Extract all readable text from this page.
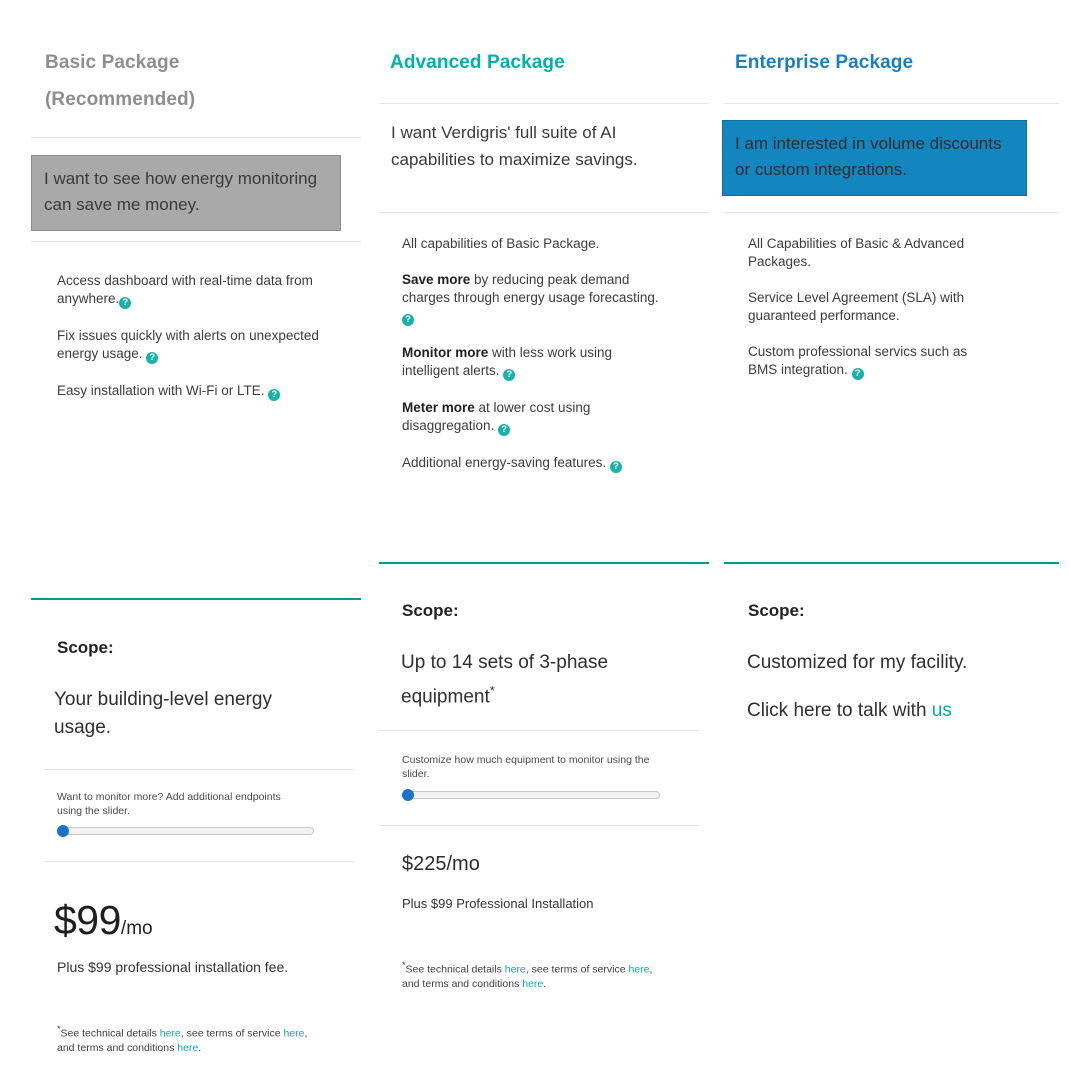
Basic Package
(Recommended)
I want to see how energy monitoring can save me money.
Access dashboard with real-time data from anywhere. ?
Fix issues quickly with alerts on unexpected energy usage. ?
Easy installation with Wi-Fi or LTE. ?
Scope:
Your building-level energy usage.
Want to monitor more? Add additional endpoints using the slider.
$99/mo
Plus $99 professional installation fee.
*See technical details here, see terms of service here, and terms and conditions here.
Advanced Package
I want Verdigris' full suite of AI capabilities to maximize savings.
All capabilities of Basic Package.
Save more by reducing peak demand charges through energy usage forecasting. ?
Monitor more with less work using intelligent alerts. ?
Meter more at lower cost using disaggregation. ?
Additional energy-saving features. ?
Scope:
Up to 14 sets of 3-phase equipment*
Customize how much equipment to monitor using the slider.
$225/mo
Plus $99 Professional Installation
*See technical details here, see terms of service here, and terms and conditions here.
Enterprise Package
I am interested in volume discounts or custom integrations.
All Capabilities of Basic & Advanced Packages.
Service Level Agreement (SLA) with guaranteed performance.
Custom professional servics such as BMS integration. ?
Scope:
Customized for my facility.
Click here to talk with us
